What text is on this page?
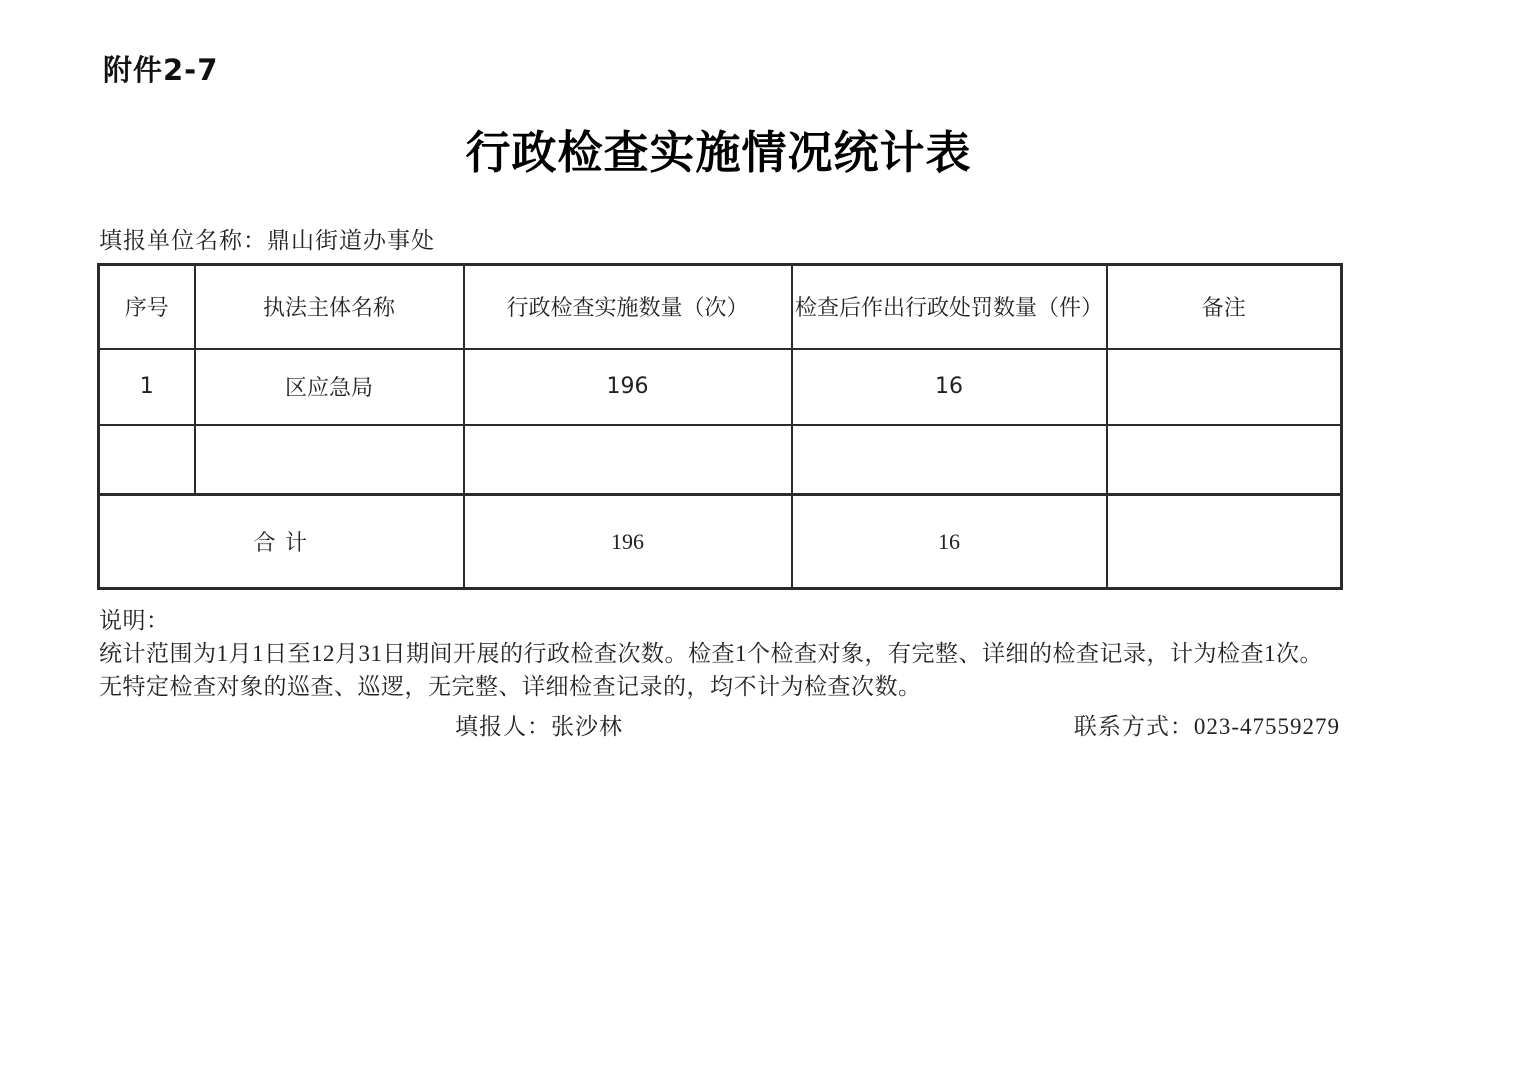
附件2-7
行政检查实施情况统计表
填报单位名称：鼎山街道办事处
序号	执法主体名称	行政检查实施数量（次）	检查后作出行政处罚数量（件）	备注
1	区应急局	196	16	

合 计		196	16	
说明：
统计范围为1月1日至12月31日期间开展的行政检查次数。检查1个检查对象，有完整、详细的检查记录，计为检查1次。无特定检查对象的巡查、巡逻，无完整、详细检查记录的，均不计为检查次数。
填报人：张沙林	联系方式：023-47559279
